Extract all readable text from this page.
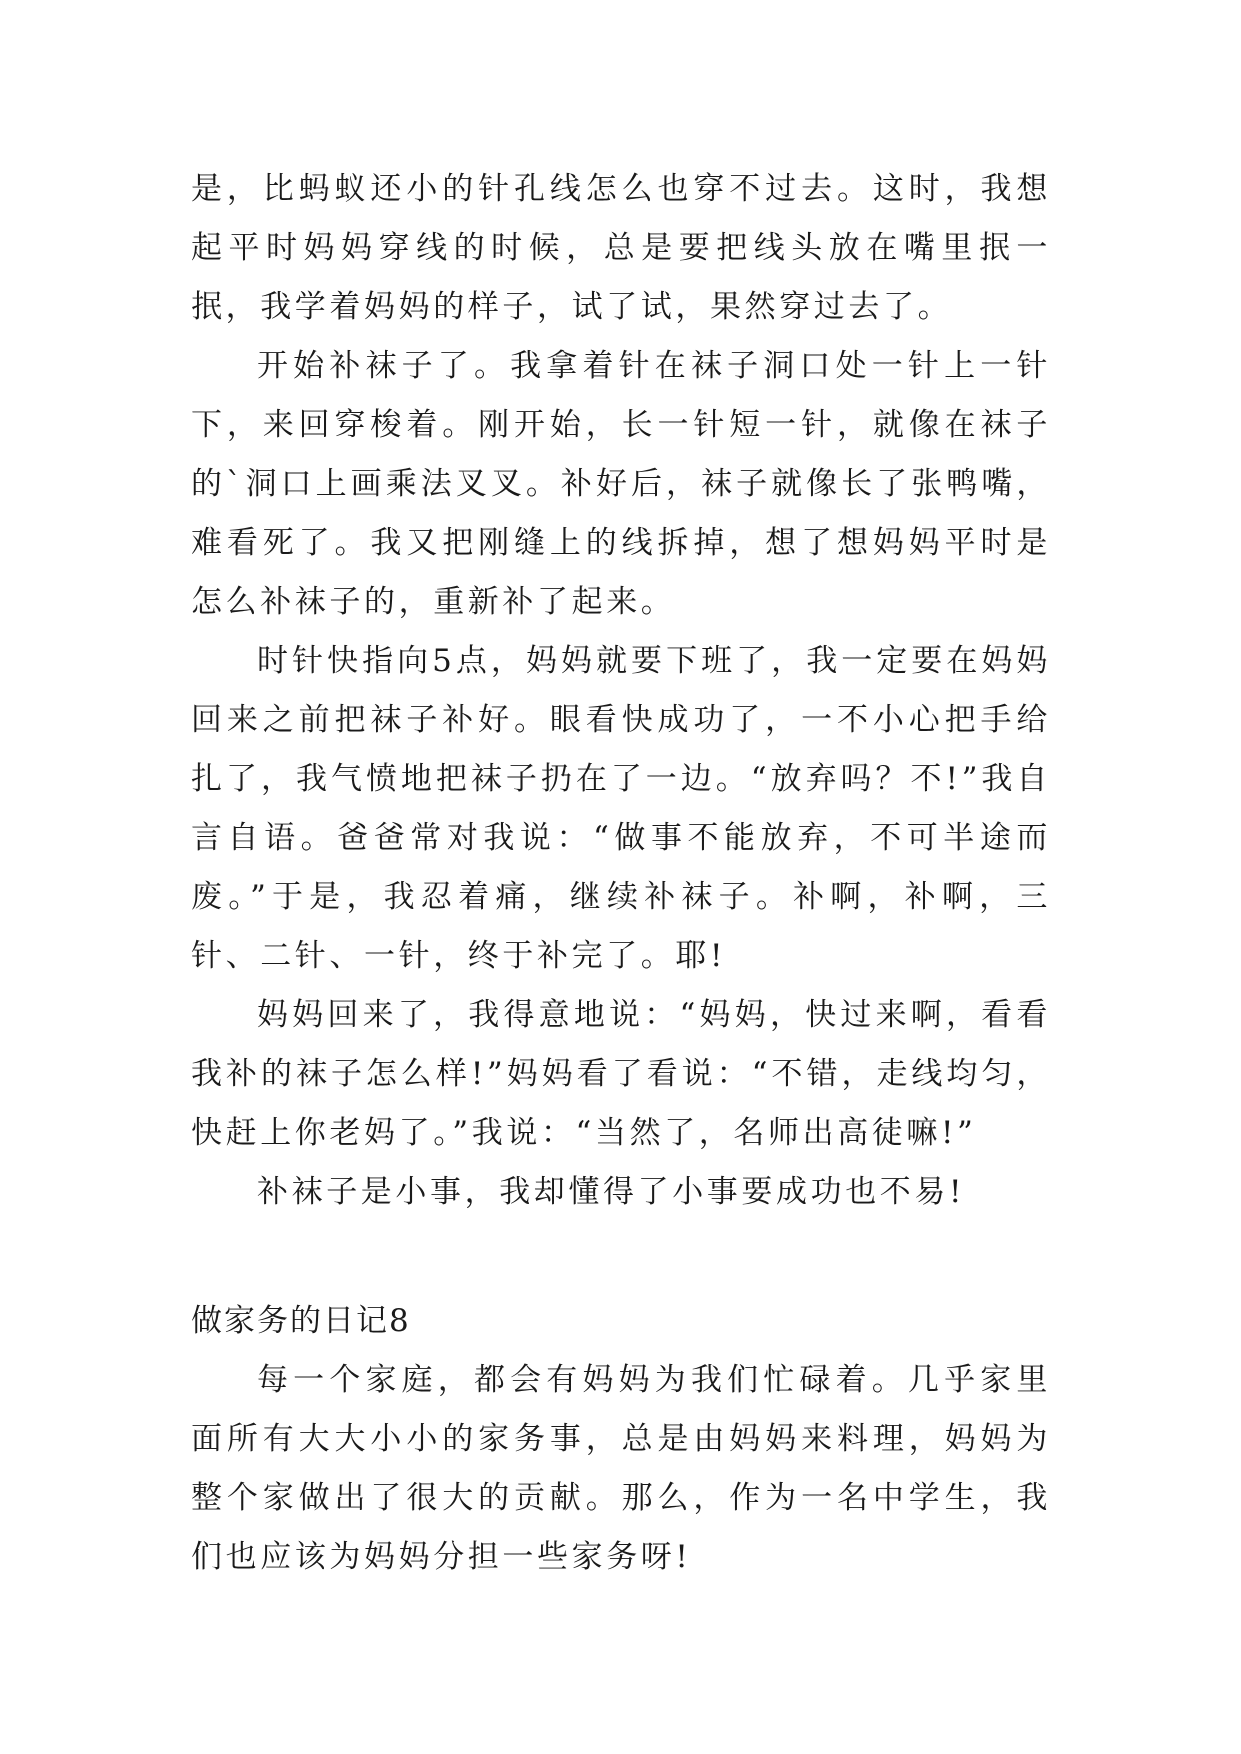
是，比蚂蚁还小的针孔线怎么也穿不过去。这时，我想起平时妈妈穿线的时候，总是要把线头放在嘴里抿一抿，我学着妈妈的样子，试了试，果然穿过去了。

开始补袜子了。我拿着针在袜子洞口处一针上一针下，来回穿梭着。刚开始，长一针短一针，就像在袜子的`洞口上画乘法叉叉。补好后，袜子就像长了张鸭嘴，难看死了。我又把刚缝上的线拆掉，想了想妈妈平时是怎么补袜子的，重新补了起来。

时针快指向5点，妈妈就要下班了，我一定要在妈妈回来之前把袜子补好。眼看快成功了，一不小心把手给扎了，我气愤地把袜子扔在了一边。“放弃吗？不!”我自言自语。爸爸常对我说：“做事不能放弃，不可半途而废。”于是，我忍着痛，继续补袜子。补啊，补啊，三针、二针、一针，终于补完了。耶!

妈妈回来了，我得意地说：“妈妈，快过来啊，看看我补的袜子怎么样!”妈妈看了看说：“不错，走线均匀，快赶上你老妈了。”我说：“当然了，名师出高徒嘛!”

补袜子是小事，我却懂得了小事要成功也不易!

做家务的日记8

每一个家庭，都会有妈妈为我们忙碌着。几乎家里面所有大大小小的家务事，总是由妈妈来料理，妈妈为整个家做出了很大的贡献。那么，作为一名中学生，我们也应该为妈妈分担一些家务呀!
